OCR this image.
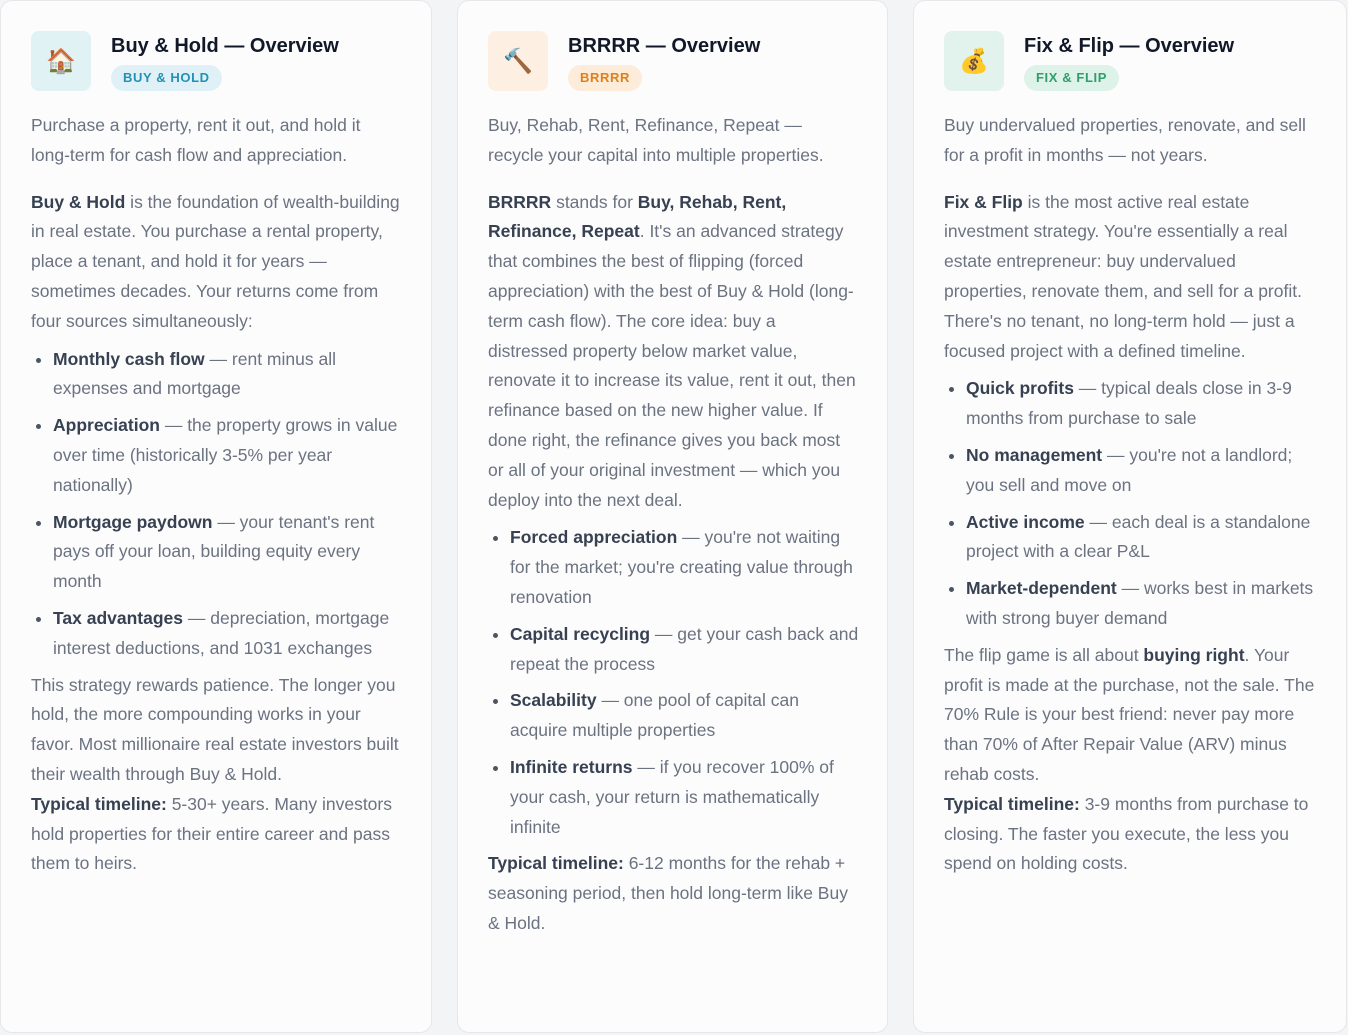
🏠
Buy & Hold — Overview
BUY & HOLD

Purchase a property, rent it out, and hold it long-term for cash flow and appreciation.

Buy & Hold is the foundation of wealth-building in real estate. You purchase a rental property, place a tenant, and hold it for years — sometimes decades. Your returns come from four sources simultaneously:

• Monthly cash flow — rent minus all expenses and mortgage
• Appreciation — the property grows in value over time (historically 3-5% per year nationally)
• Mortgage paydown — your tenant's rent pays off your loan, building equity every month
• Tax advantages — depreciation, mortgage interest deductions, and 1031 exchanges

This strategy rewards patience. The longer you hold, the more compounding works in your favor. Most millionaire real estate investors built their wealth through Buy & Hold.

Typical timeline: 5-30+ years. Many investors hold properties for their entire career and pass them to heirs.

🔨
BRRRR — Overview
BRRRR

Buy, Rehab, Rent, Refinance, Repeat — recycle your capital into multiple properties.

BRRRR stands for Buy, Rehab, Rent, Refinance, Repeat. It's an advanced strategy that combines the best of flipping (forced appreciation) with the best of Buy & Hold (long-term cash flow). The core idea: buy a distressed property below market value, renovate it to increase its value, rent it out, then refinance based on the new higher value. If done right, the refinance gives you back most or all of your original investment — which you deploy into the next deal.

• Forced appreciation — you're not waiting for the market; you're creating value through renovation
• Capital recycling — get your cash back and repeat the process
• Scalability — one pool of capital can acquire multiple properties
• Infinite returns — if you recover 100% of your cash, your return is mathematically infinite

Typical timeline: 6-12 months for the rehab + seasoning period, then hold long-term like Buy & Hold.

💰
Fix & Flip — Overview
FIX & FLIP

Buy undervalued properties, renovate, and sell for a profit in months — not years.

Fix & Flip is the most active real estate investment strategy. You're essentially a real estate entrepreneur: buy undervalued properties, renovate them, and sell for a profit. There's no tenant, no long-term hold — just a focused project with a defined timeline.

• Quick profits — typical deals close in 3-9 months from purchase to sale
• No management — you're not a landlord; you sell and move on
• Active income — each deal is a standalone project with a clear P&L
• Market-dependent — works best in markets with strong buyer demand

The flip game is all about buying right. Your profit is made at the purchase, not the sale. The 70% Rule is your best friend: never pay more than 70% of After Repair Value (ARV) minus rehab costs.

Typical timeline: 3-9 months from purchase to closing. The faster you execute, the less you spend on holding costs.
